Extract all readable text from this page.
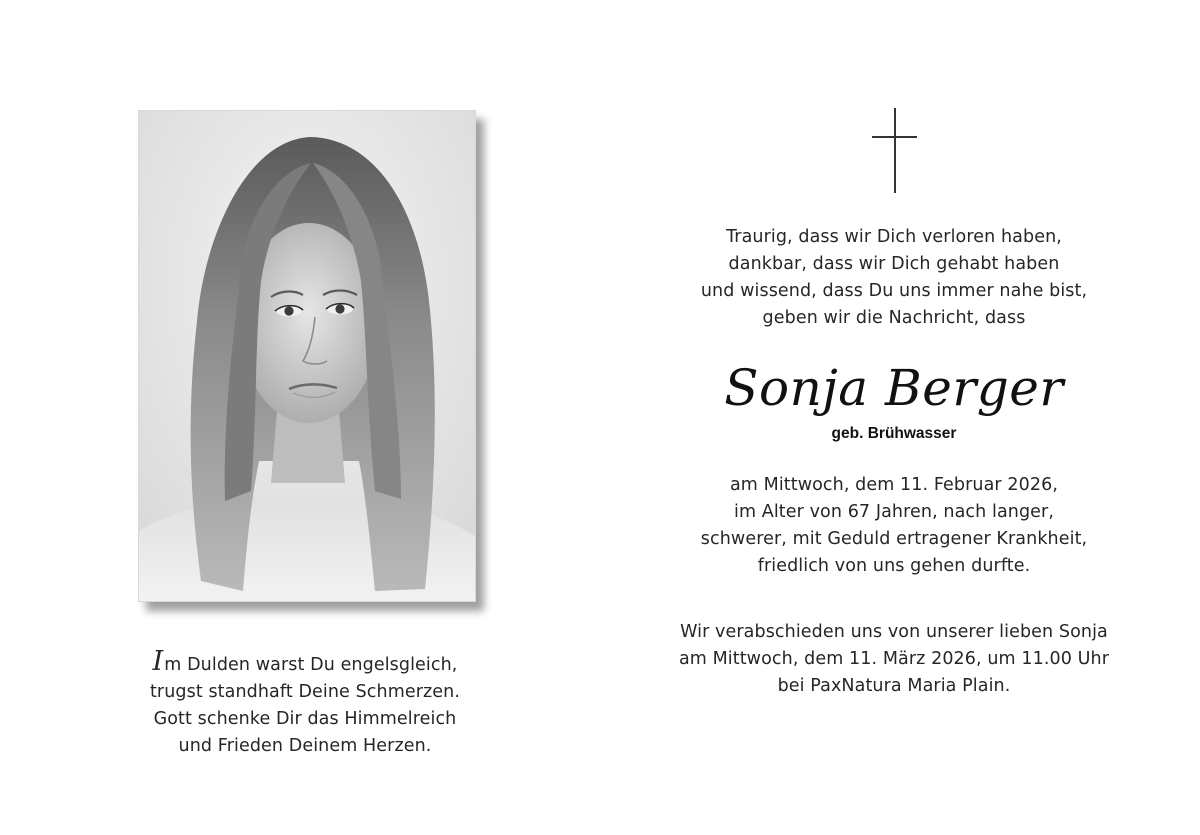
Im Dulden warst Du engelsgleich,
trugst standhaft Deine Schmerzen.
Gott schenke Dir das Himmelreich
und Frieden Deinem Herzen.
Traurig, dass wir Dich verloren haben,
dankbar, dass wir Dich gehabt haben
und wissend, dass Du uns immer nahe bist,
geben wir die Nachricht, dass
Sonja Berger
geb. Brühwasser
am Mittwoch, dem 11. Februar 2026,
im Alter von 67 Jahren, nach langer,
schwerer, mit Geduld ertragener Krankheit,
friedlich von uns gehen durfte.
Wir verabschieden uns von unserer lieben Sonja
am Mittwoch, dem 11. März 2026, um 11.00 Uhr
bei PaxNatura Maria Plain.
